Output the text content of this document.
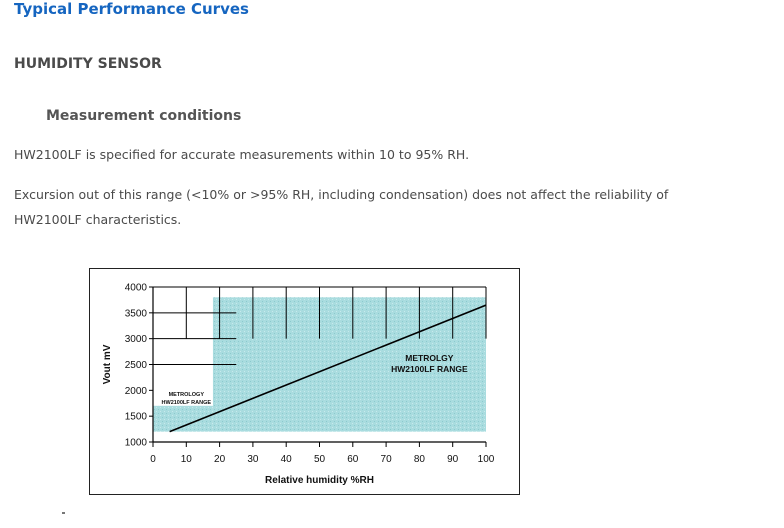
Typical Performance Curves
HUMIDITY SENSOR
Measurement conditions

HW2100LF is specified for accurate measurements within 10 to 95% RH.

Excursion out of this range (<10% or >95% RH, including condensation) does not affect the reliability of HW2100LF characteristics.

0 10 20 30 40 50 60 70 80 90 100
1000
1500
2000
2500
3000
3500
4000
METROLGY
HW2100LF RANGE
METROLOGY
HW2100LF RANGE
Relative humidity %RH
Vout mV
